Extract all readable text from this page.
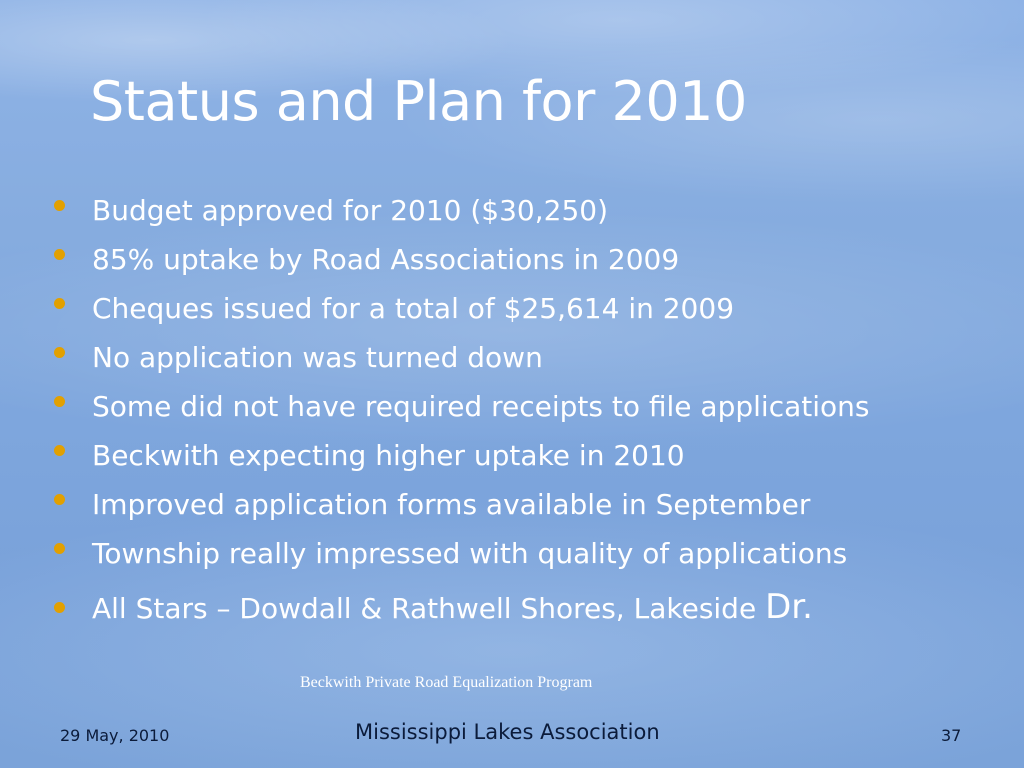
Status and Plan for 2010
Budget approved for 2010 ($30,250)
85% uptake by Road Associations in 2009
Cheques issued for a total of $25,614 in 2009
No application was turned down
Some did not have required receipts to file applications
Beckwith expecting higher uptake in 2010
Improved application forms available in September
Township really impressed with quality of applications
All Stars – Dowdall & Rathwell Shores, Lakeside Dr.
Beckwith Private Road Equalization Program
29 May, 2010	Mississippi Lakes Association	37
